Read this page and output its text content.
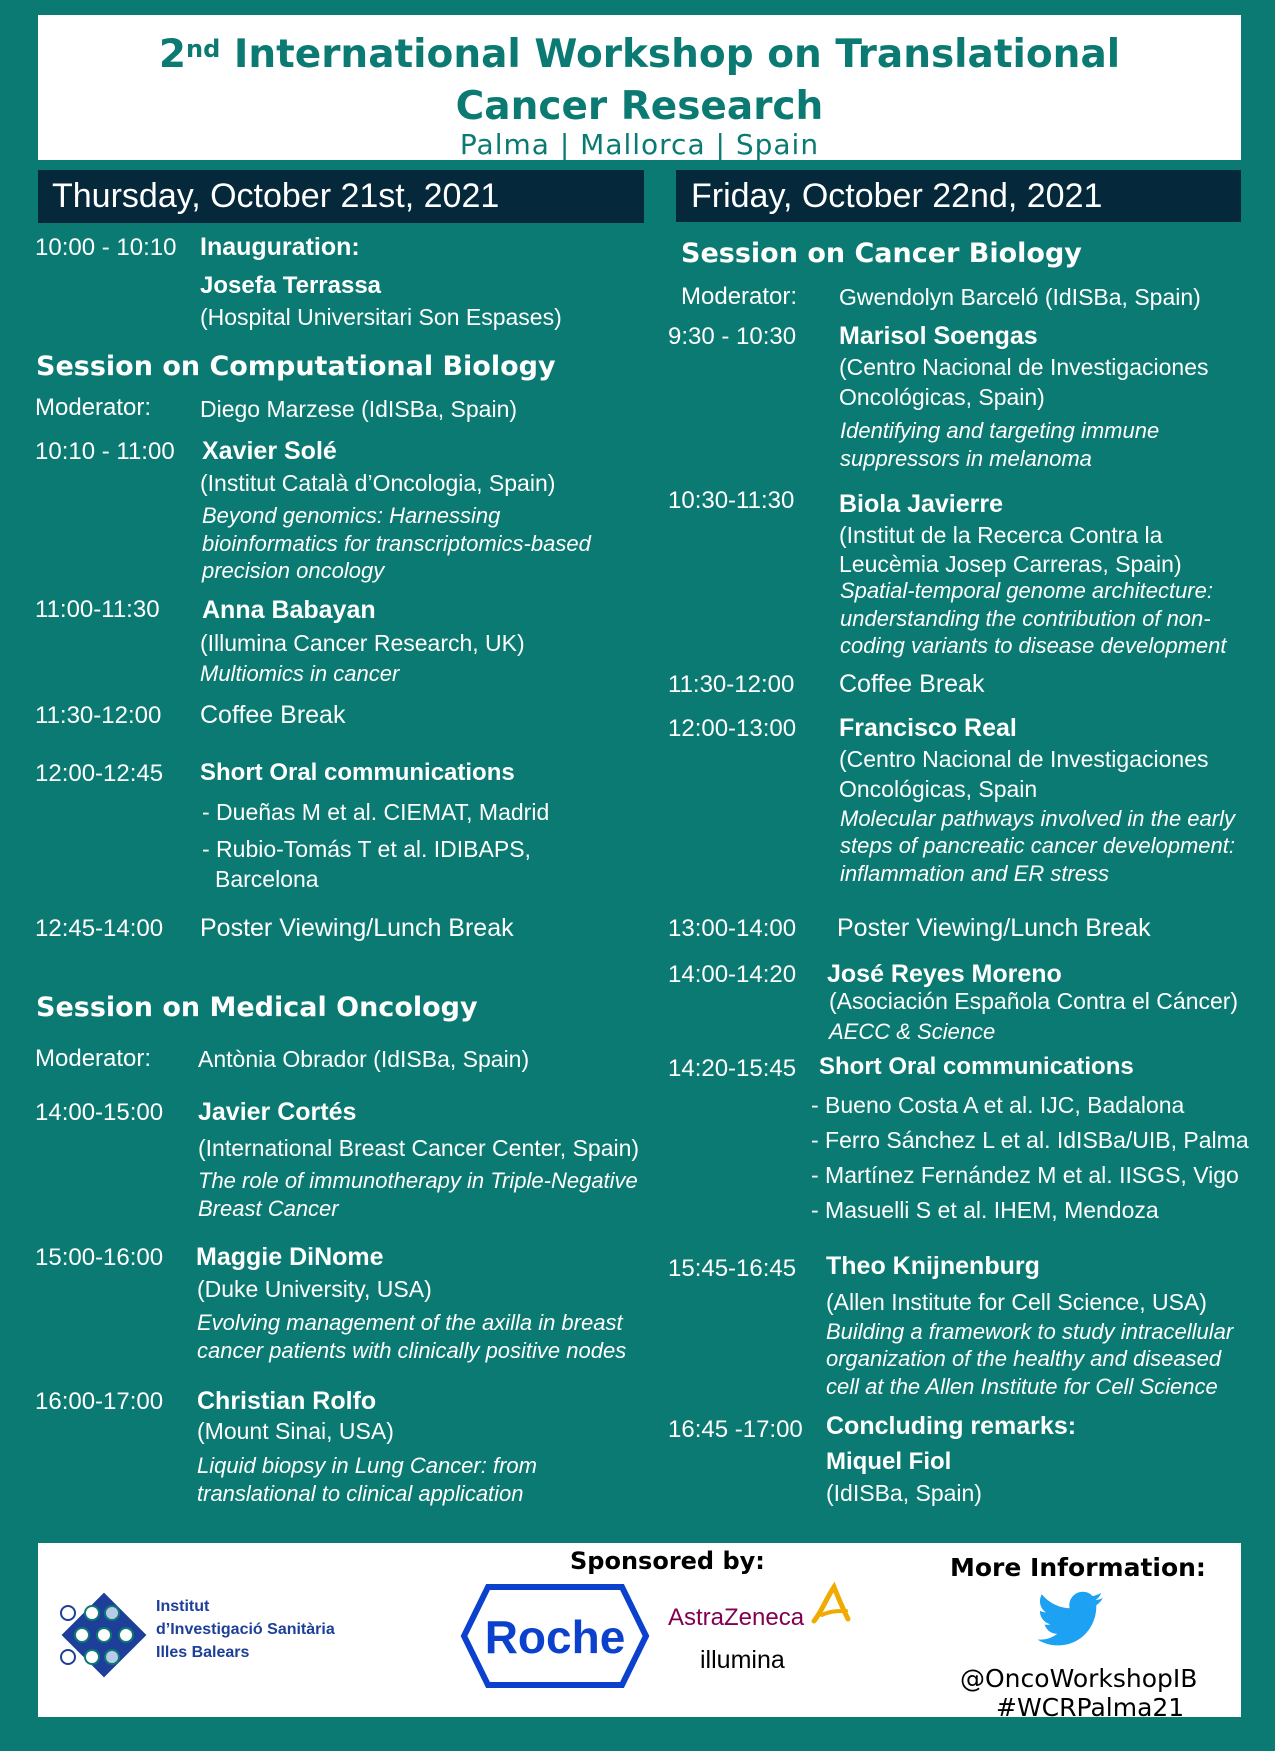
2nd International Workshop on Translational
Cancer Research
Palma | Mallorca | Spain
Thursday, October 21st, 2021	Friday, October 22nd, 2021
10:00 - 10:10 Inauguration:
Josefa Terrassa
(Hospital Universitari Son Espases)
Session on Computational Biology
Moderator: Diego Marzese (IdISBa, Spain)
10:10 - 11:00 Xavier Solé
(Institut Català d’Oncologia, Spain)
Beyond genomics: Harnessing
bioinformatics for transcriptomics-based
precision oncology
11:00-11:30 Anna Babayan
(Illumina Cancer Research, UK)
Multiomics in cancer
11:30-12:00 Coffee Break
12:00-12:45 Short Oral communications
- Dueñas M et al. CIEMAT, Madrid
- Rubio-Tomás T et al. IDIBAPS,
Barcelona
12:45-14:00 Poster Viewing/Lunch Break
Session on Medical Oncology
Moderator: Antònia Obrador (IdISBa, Spain)
14:00-15:00 Javier Cortés
(International Breast Cancer Center, Spain)
The role of immunotherapy in Triple-Negative
Breast Cancer
15:00-16:00 Maggie DiNome
(Duke University, USA)
Evolving management of the axilla in breast
cancer patients with clinically positive nodes
16:00-17:00 Christian Rolfo
(Mount Sinai, USA)
Liquid biopsy in Lung Cancer: from
translational to clinical application
Session on Cancer Biology
Moderator: Gwendolyn Barceló (IdISBa, Spain)
9:30 - 10:30 Marisol Soengas
(Centro Nacional de Investigaciones
Oncológicas, Spain)
Identifying and targeting immune
suppressors in melanoma
10:30-11:30 Biola Javierre
(Institut de la Recerca Contra la
Leucèmia Josep Carreras, Spain)
Spatial-temporal genome architecture:
understanding the contribution of non-
coding variants to disease development
11:30-12:00 Coffee Break
12:00-13:00 Francisco Real
(Centro Nacional de Investigaciones
Oncológicas, Spain
Molecular pathways involved in the early
steps of pancreatic cancer development:
inflammation and ER stress
13:00-14:00 Poster Viewing/Lunch Break
14:00-14:20 José Reyes Moreno
(Asociación Española Contra el Cáncer)
AECC & Science
14:20-15:45 Short Oral communications
- Bueno Costa A et al. IJC, Badalona
- Ferro Sánchez L et al. IdISBa/UIB, Palma
- Martínez Fernández M et al. IISGS, Vigo
- Masuelli S et al. IHEM, Mendoza
15:45-16:45 Theo Knijnenburg
(Allen Institute for Cell Science, USA)
Building a framework to study intracellular
organization of the healthy and diseased
cell at the Allen Institute for Cell Science
16:45 -17:00 Concluding remarks:
Miquel Fiol
(IdISBa, Spain)
Institut
d’Investigació Sanitària
Illes Balears
Sponsored by:
Roche AstraZeneca
illumina
More Information:
@OncoWorkshopIB
#WCRPalma21
